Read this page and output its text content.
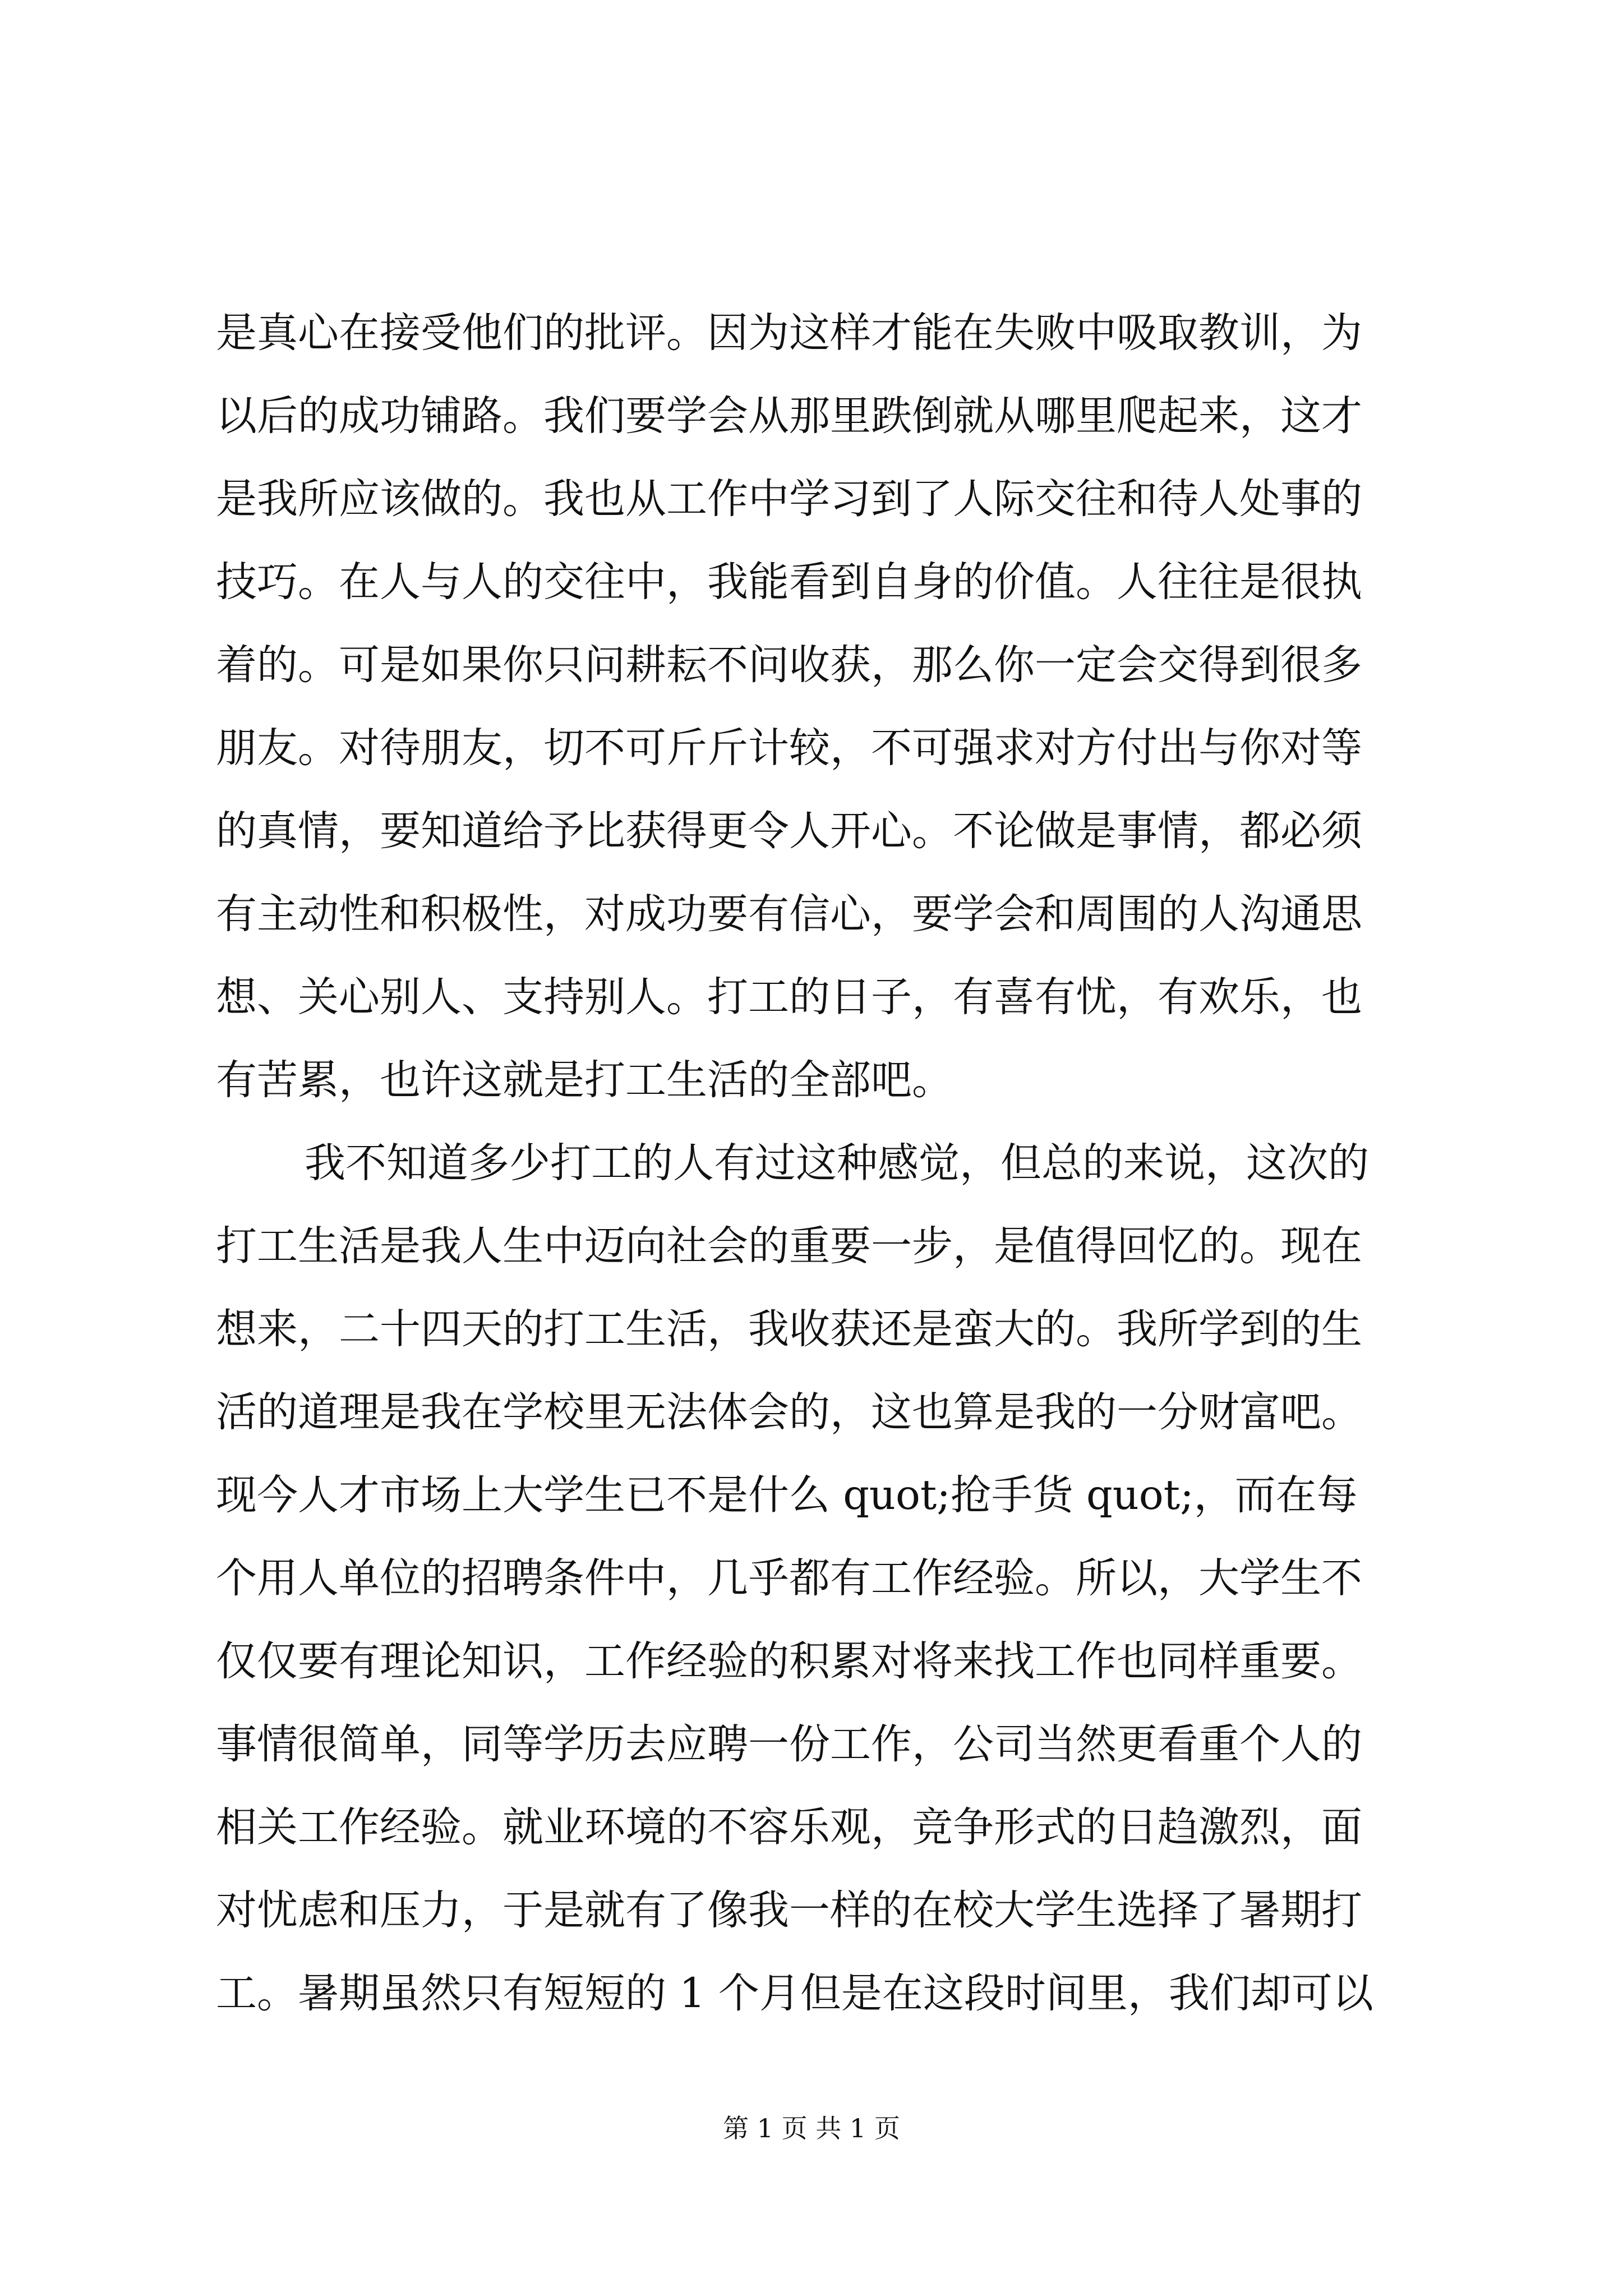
是真心在接受他们的批评。因为这样才能在失败中吸取教训，为
以后的成功铺路。我们要学会从那里跌倒就从哪里爬起来，这才
是我所应该做的。我也从工作中学习到了人际交往和待人处事的
技巧。在人与人的交往中，我能看到自身的价值。人往往是很执
着的。可是如果你只问耕耘不问收获，那么你一定会交得到很多
朋友。对待朋友，切不可斤斤计较，不可强求对方付出与你对等
的真情，要知道给予比获得更令人开心。不论做是事情，都必须
有主动性和积极性，对成功要有信心，要学会和周围的人沟通思
想、关心别人、支持别人。打工的日子，有喜有忧，有欢乐，也
有苦累，也许这就是打工生活的全部吧。
我不知道多少打工的人有过这种感觉，但总的来说，这次的
打工生活是我人生中迈向社会的重要一步，是值得回忆的。现在
想来，二十四天的打工生活，我收获还是蛮大的。我所学到的生
活的道理是我在学校里无法体会的，这也算是我的一分财富吧。
现今人才市场上大学生已不是什么 quot;抢手货 quot;，而在每
个用人单位的招聘条件中，几乎都有工作经验。所以，大学生不
仅仅要有理论知识，工作经验的积累对将来找工作也同样重要。
事情很简单，同等学历去应聘一份工作，公司当然更看重个人的
相关工作经验。就业环境的不容乐观，竞争形式的日趋激烈，面
对忧虑和压力，于是就有了像我一样的在校大学生选择了暑期打
工。暑期虽然只有短短的 1 个月但是在这段时间里，我们却可以
第 1 页 共 1 页
